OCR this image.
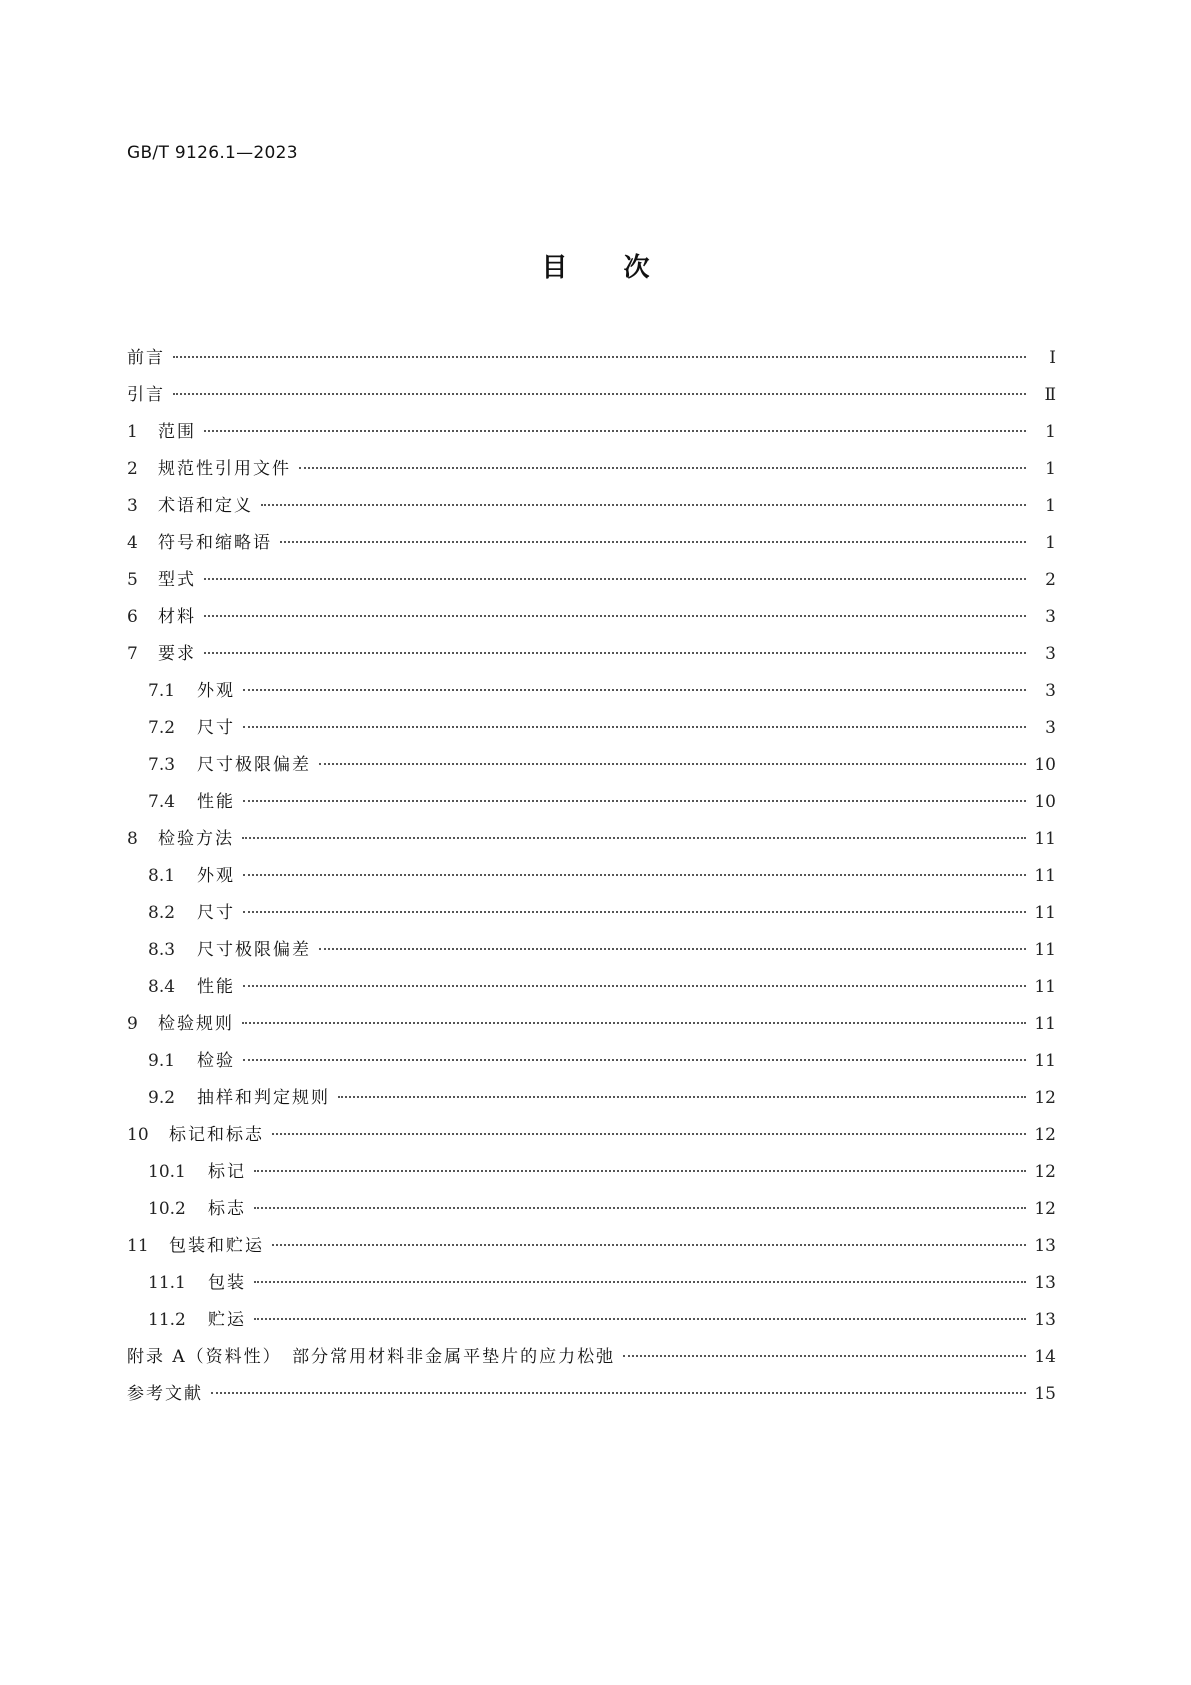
GB/T 9126.1—2023
目次
前言	Ⅰ
引言	Ⅱ
1	范围	1
2	规范性引用文件	1
3	术语和定义	1
4	符号和缩略语	1
5	型式	2
6	材料	3
7	要求	3
7.1	外观	3
7.2	尺寸	3
7.3	尺寸极限偏差	10
7.4	性能	10
8	检验方法	11
8.1	外观	11
8.2	尺寸	11
8.3	尺寸极限偏差	11
8.4	性能	11
9	检验规则	11
9.1	检验	11
9.2	抽样和判定规则	12
10	标记和标志	12
10.1	标记	12
10.2	标志	12
11	包装和贮运	13
11.1	包装	13
11.2	贮运	13
附录 A（资料性）　部分常用材料非金属平垫片的应力松弛	14
参考文献	15
